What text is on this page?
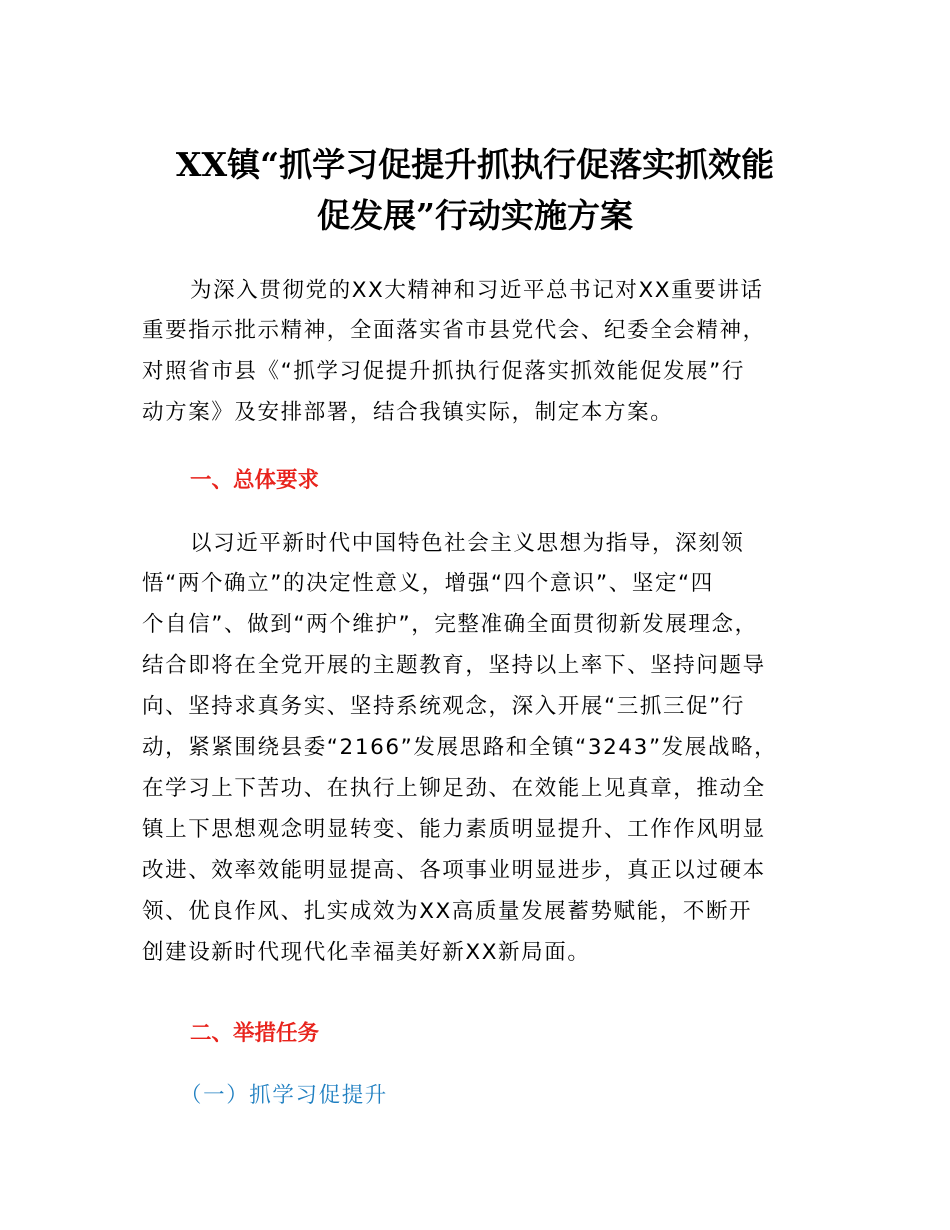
XX镇“抓学习促提升抓执行促落实抓效能
促发展”行动实施方案
为深入贯彻党的XX大精神和习近平总书记对XX重要讲话
重要指示批示精神，全面落实省市县党代会、纪委全会精神，
对照省市县《“抓学习促提升抓执行促落实抓效能促发展”行
动方案》及安排部署，结合我镇实际，制定本方案。
一、总体要求
以习近平新时代中国特色社会主义思想为指导，深刻领
悟“两个确立”的决定性意义，增强“四个意识”、坚定“四
个自信”、做到“两个维护”，完整准确全面贯彻新发展理念，
结合即将在全党开展的主题教育，坚持以上率下、坚持问题导
向、坚持求真务实、坚持系统观念，深入开展“三抓三促”行
动，紧紧围绕县委“2166”发展思路和全镇“3243”发展战略，
在学习上下苦功、在执行上铆足劲、在效能上见真章，推动全
镇上下思想观念明显转变、能力素质明显提升、工作作风明显
改进、效率效能明显提高、各项事业明显进步，真正以过硬本
领、优良作风、扎实成效为XX高质量发展蓄势赋能，不断开
创建设新时代现代化幸福美好新XX新局面。
二、举措任务
（一）抓学习促提升
